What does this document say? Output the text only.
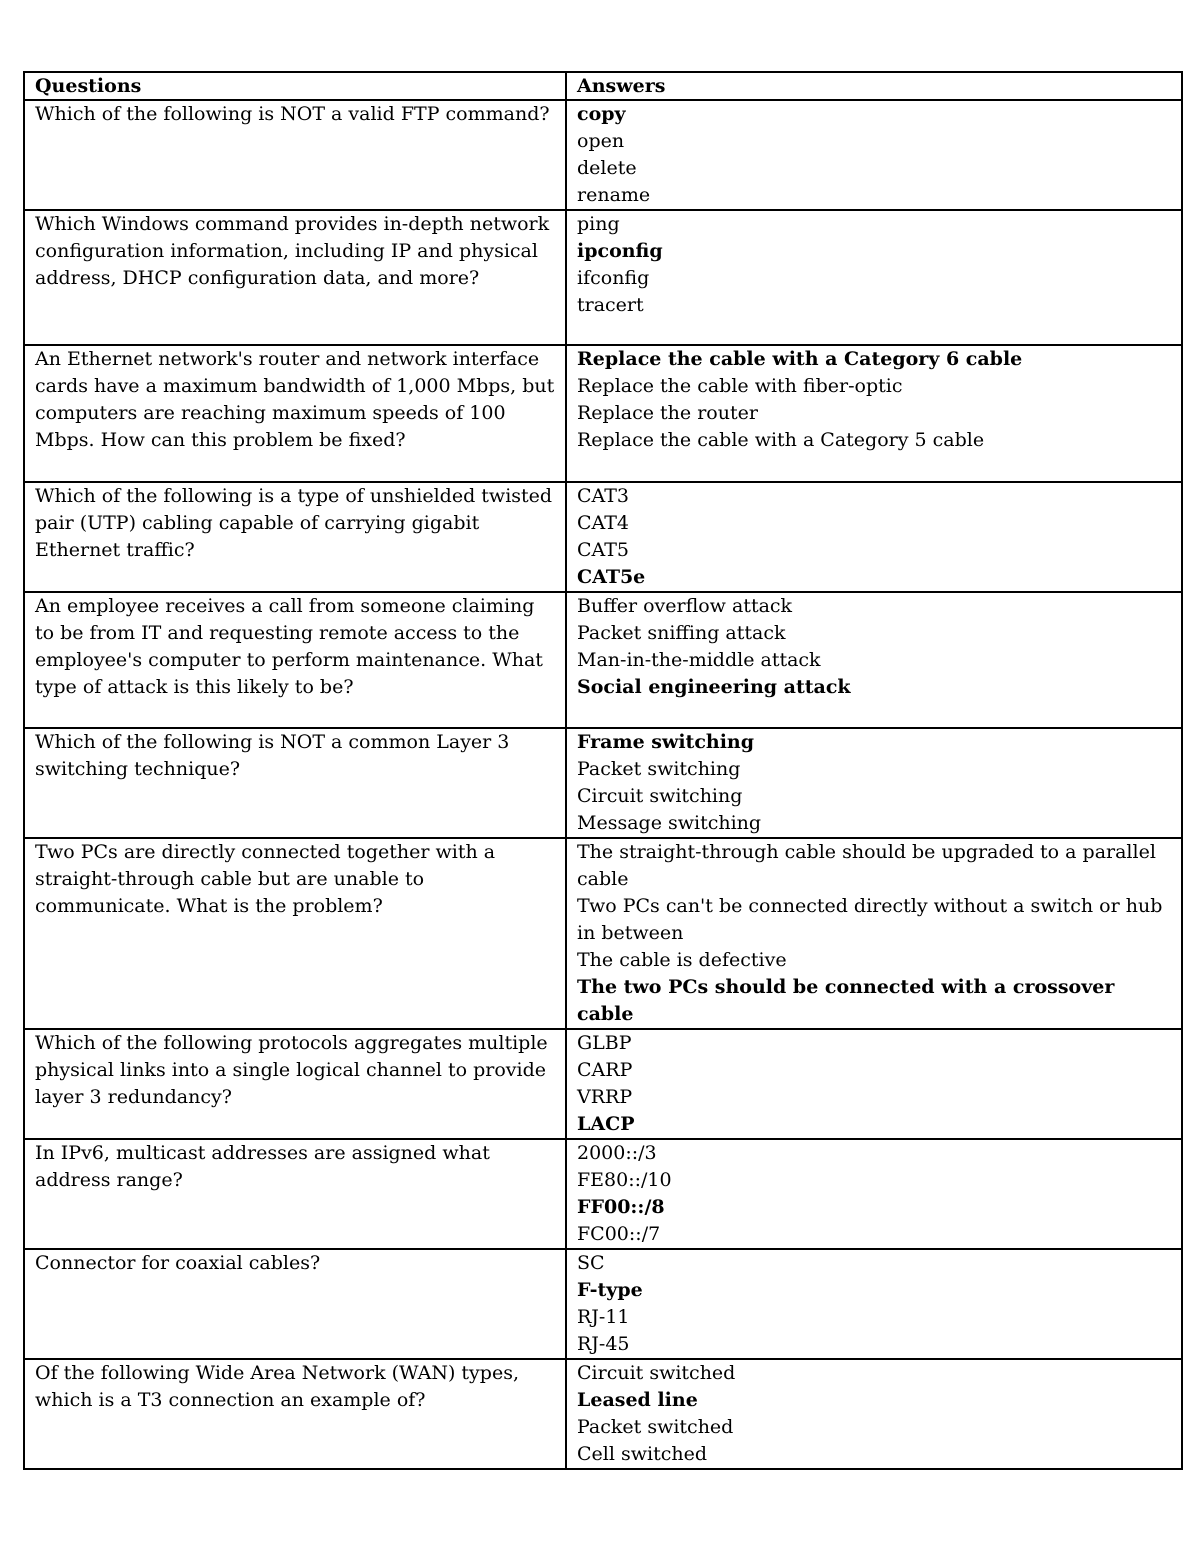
Questions	Answers

Which of the following is NOT a valid FTP command?	copy
open
delete
rename

Which Windows command provides in-depth network configuration information, including IP and physical address, DHCP configuration data, and more?	ping
ipconfig
ifconfig
tracert

An Ethernet network's router and network interface cards have a maximum bandwidth of 1,000 Mbps, but computers are reaching maximum speeds of 100 Mbps. How can this problem be fixed?	Replace the cable with a Category 6 cable
Replace the cable with fiber-optic
Replace the router
Replace the cable with a Category 5 cable

Which of the following is a type of unshielded twisted pair (UTP) cabling capable of carrying gigabit Ethernet traffic?	CAT3
CAT4
CAT5
CAT5e

An employee receives a call from someone claiming to be from IT and requesting remote access to the employee's computer to perform maintenance. What type of attack is this likely to be?	Buffer overflow attack
Packet sniffing attack
Man-in-the-middle attack
Social engineering attack

Which of the following is NOT a common Layer 3 switching technique?	Frame switching
Packet switching
Circuit switching
Message switching

Two PCs are directly connected together with a straight-through cable but are unable to communicate. What is the problem?	The straight-through cable should be upgraded to a parallel cable
Two PCs can't be connected directly without a switch or hub in between
The cable is defective
The two PCs should be connected with a crossover cable

Which of the following protocols aggregates multiple physical links into a single logical channel to provide layer 3 redundancy?	GLBP
CARP
VRRP
LACP

In IPv6, multicast addresses are assigned what address range?	2000::/3
FE80::/10
FF00::/8
FC00::/7

Connector for coaxial cables?	SC
F-type
RJ-11
RJ-45

Of the following Wide Area Network (WAN) types, which is a T3 connection an example of?	Circuit switched
Leased line
Packet switched
Cell switched
